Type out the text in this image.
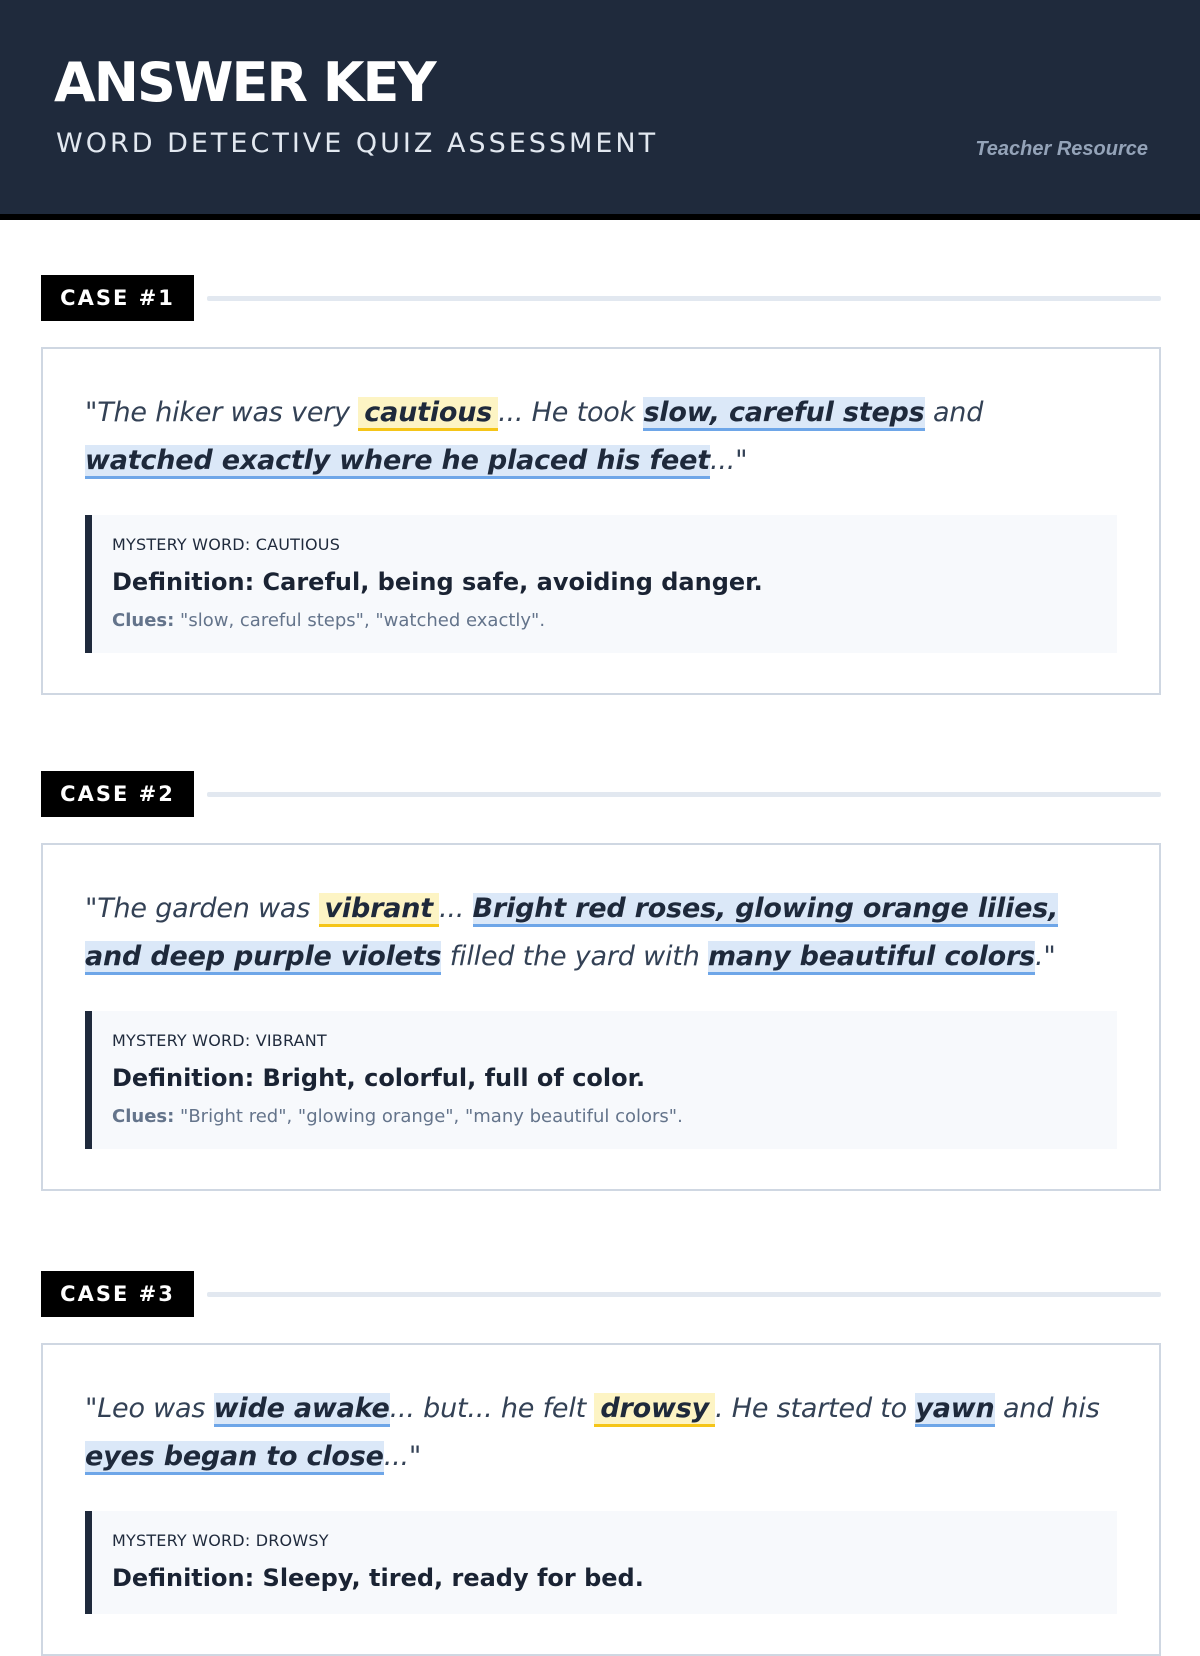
ANSWER KEY
WORD DETECTIVE QUIZ ASSESSMENT	Teacher Resource
CASE #1

"The hiker was very cautious ... He took slow, careful steps and watched exactly where he placed his feet..."

MYSTERY WORD: CAUTIOUS
Definition: Careful, being safe, avoiding danger.
Clues: "slow, careful steps", "watched exactly".
CASE #2

"The garden was vibrant ... Bright red roses, glowing orange lilies, and deep purple violets filled the yard with many beautiful colors."

MYSTERY WORD: VIBRANT
Definition: Bright, colorful, full of color.
Clues: "Bright red", "glowing orange", "many beautiful colors".
CASE #3

"Leo was wide awake... but... he felt drowsy . He started to yawn and his eyes began to close..."

MYSTERY WORD: DROWSY
Definition: Sleepy, tired, ready for bed.
